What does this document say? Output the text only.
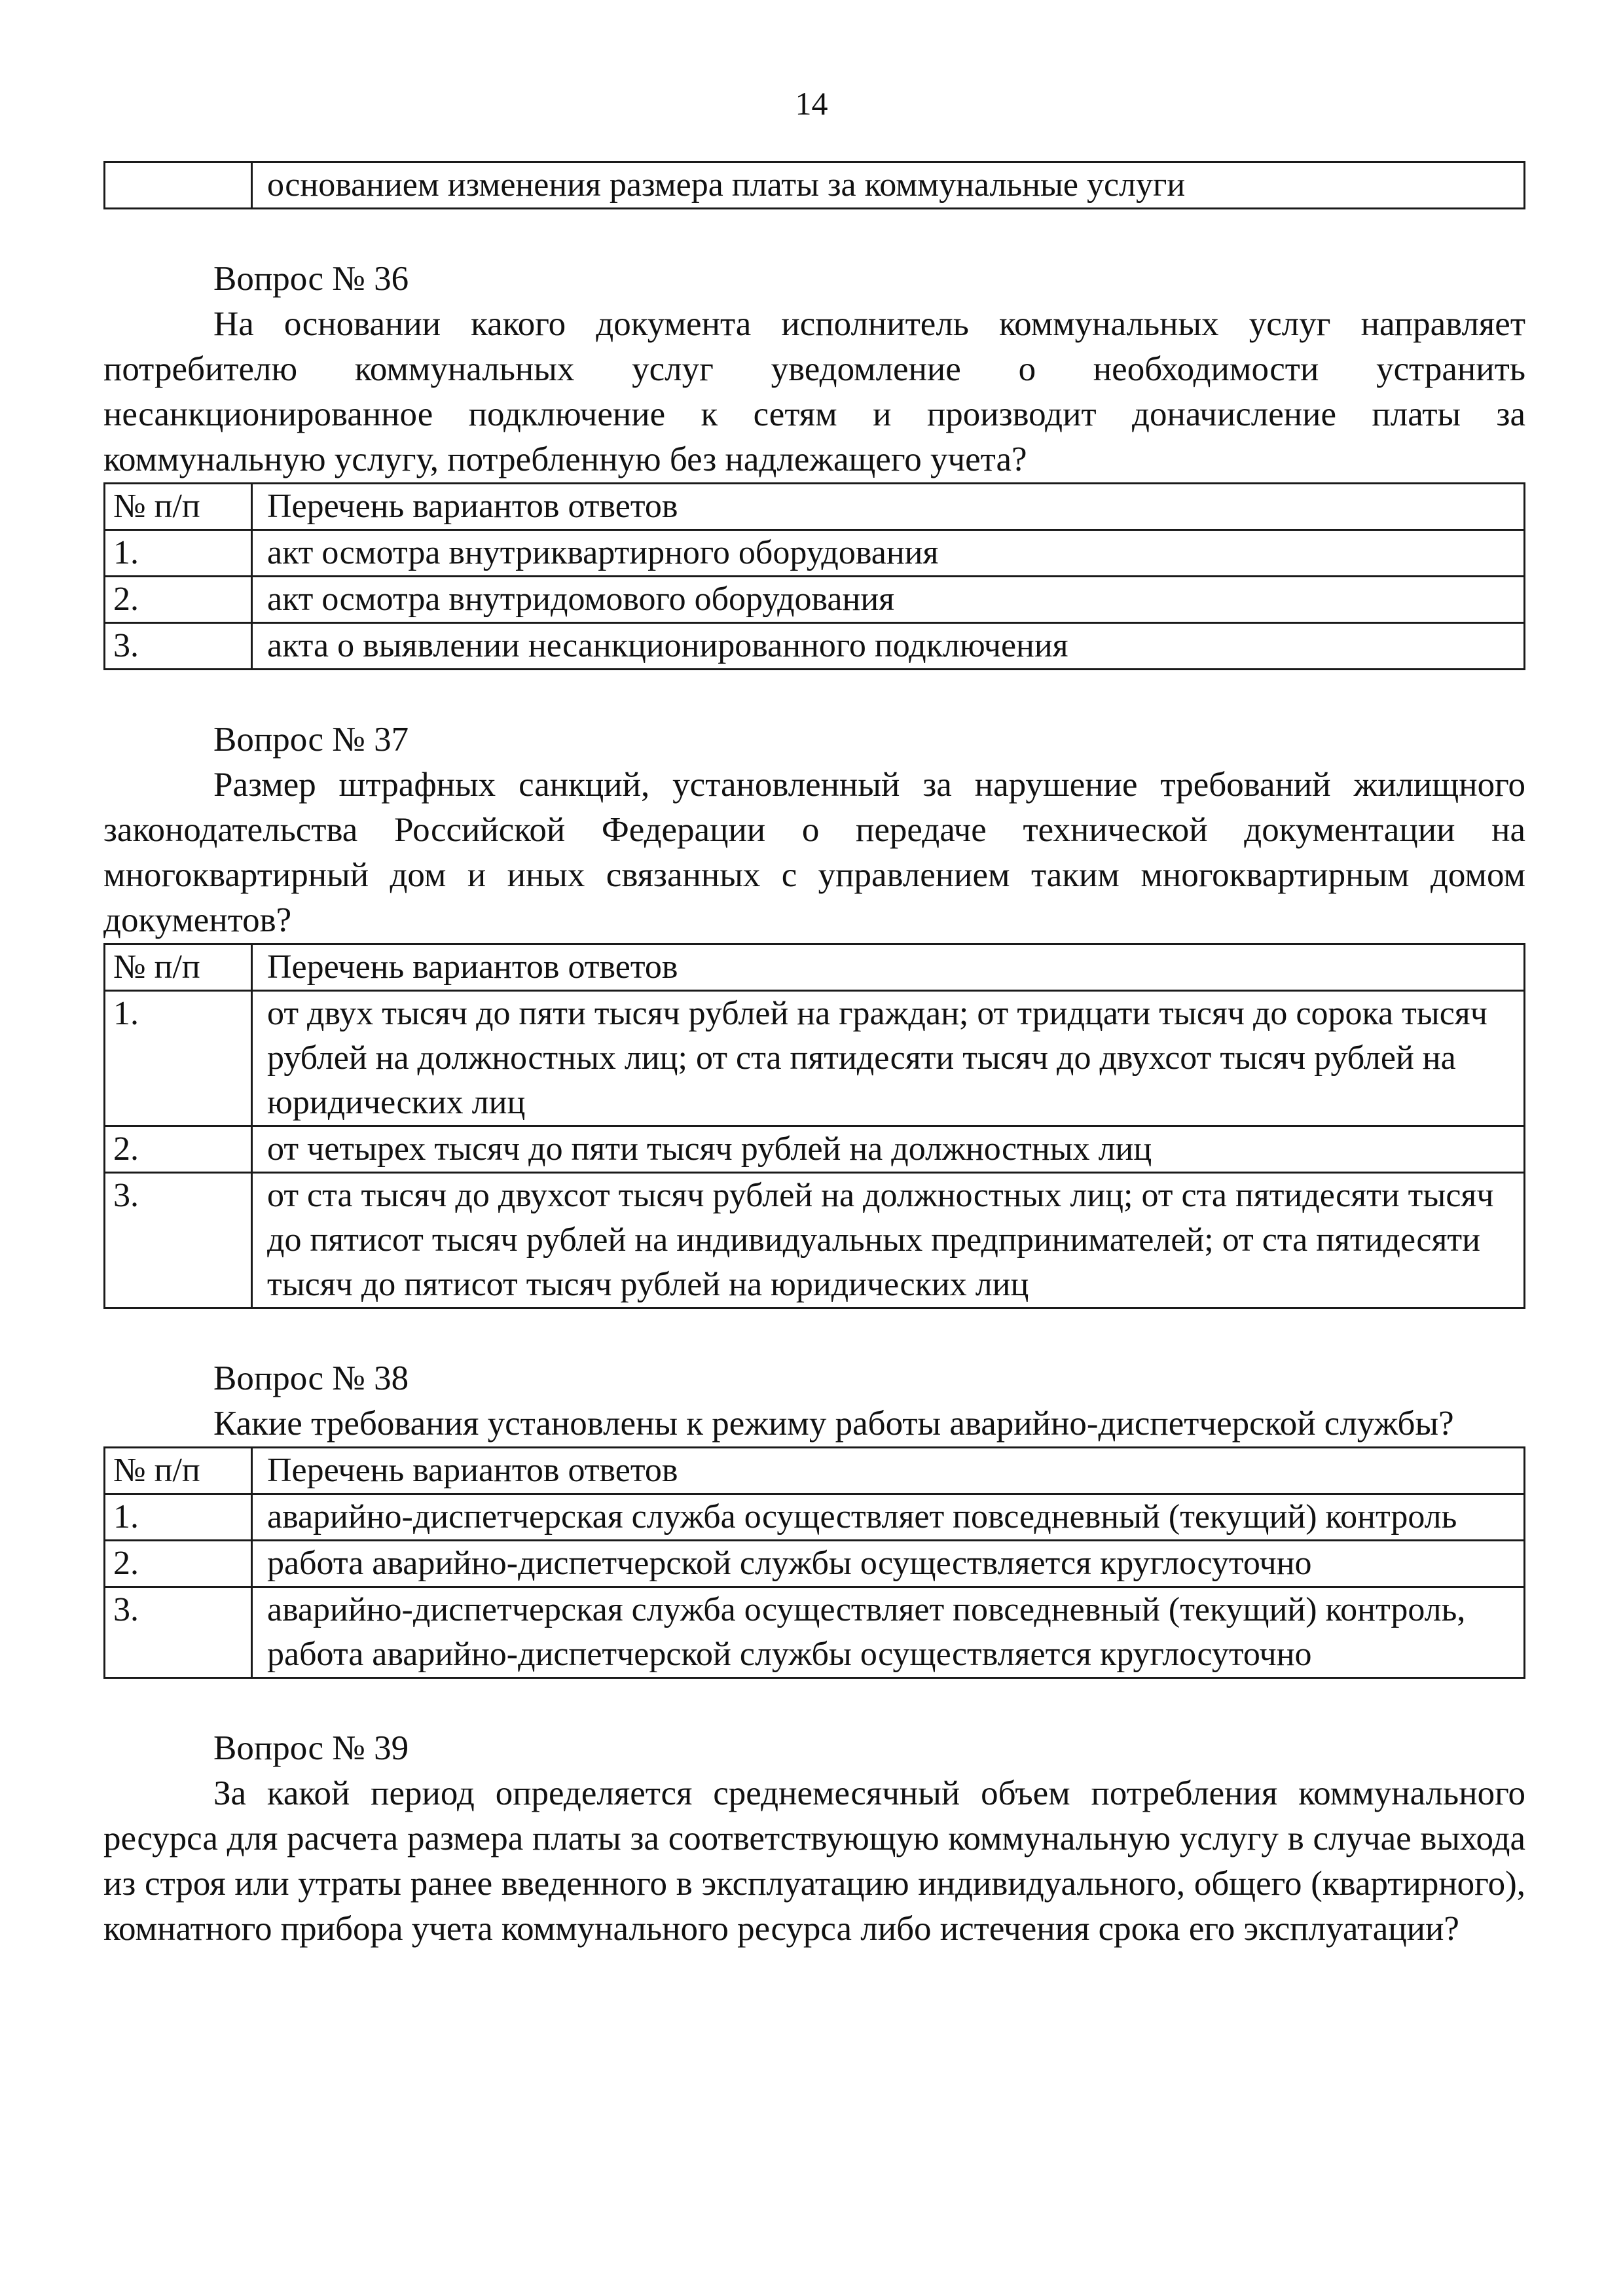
14
	основанием изменения размера платы за коммунальные услуги
Вопрос № 36

На основании какого документа исполнитель коммунальных услуг направляет потребителю коммунальных услуг уведомление о необходимости устранить несанкционированное подключение к сетям и производит доначисление платы за коммунальную услугу, потребленную без надлежащего учета?

№ п/п	Перечень вариантов ответов
1.	акт осмотра внутриквартирного оборудования
2.	акт осмотра внутридомового оборудования
3.	акта о выявлении несанкционированного подключения
Вопрос № 37

Размер штрафных санкций, установленный за нарушение требований жилищного законодательства Российской Федерации о передаче технической документации на многоквартирный дом и иных связанных с управлением таким многоквартирным домом документов?

№ п/п	Перечень вариантов ответов
1.	от двух тысяч до пяти тысяч рублей на граждан; от тридцати тысяч до сорока тысяч рублей на должностных лиц; от ста пятидесяти тысяч до двухсот тысяч рублей на юридических лиц
2.	от четырех тысяч до пяти тысяч рублей на должностных лиц
3.	от ста тысяч до двухсот тысяч рублей на должностных лиц; от ста пятидесяти тысяч до пятисот тысяч рублей на индивидуальных предпринимателей; от ста пятидесяти тысяч до пятисот тысяч рублей на юридических лиц
Вопрос № 38

Какие требования установлены к режиму работы аварийно-диспетчерской службы?

№ п/п	Перечень вариантов ответов
1.	аварийно-диспетчерская служба осуществляет повседневный (текущий) контроль
2.	работа аварийно-диспетчерской службы осуществляется круглосуточно
3.	аварийно-диспетчерская служба осуществляет повседневный (текущий) контроль, работа аварийно-диспетчерской службы осуществляется круглосуточно
Вопрос № 39

За какой период определяется среднемесячный объем потребления коммунального ресурса для расчета размера платы за соответствующую коммунальную услугу в случае выхода из строя или утраты ранее введенного в эксплуатацию индивидуального, общего (квартирного), комнатного прибора учета коммунального ресурса либо истечения срока его эксплуатации?
